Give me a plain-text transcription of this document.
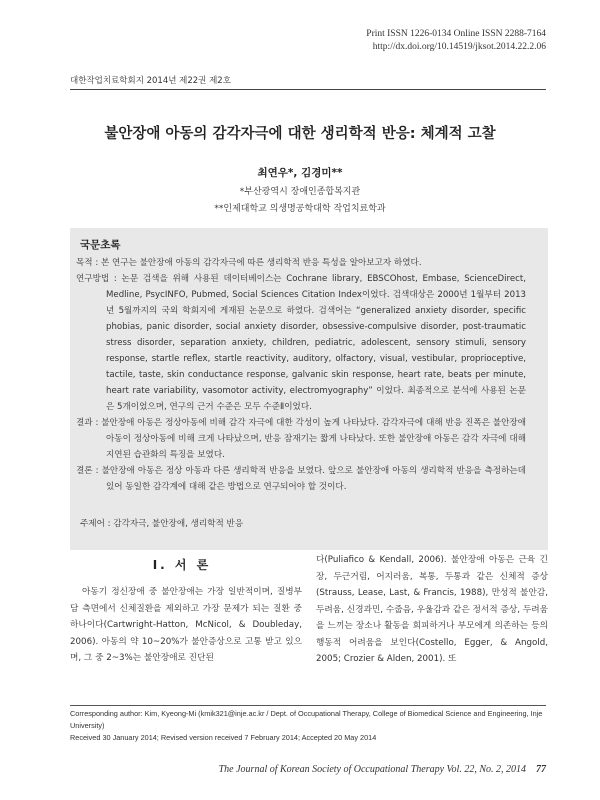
Print ISSN 1226-0134 Online ISSN 2288-7164
http://dx.doi.org/10.14519/jksot.2014.22.2.06
대한작업치료학회지 2014년 제22권 제2호
불안장애 아동의 감각자극에 대한 생리학적 반응: 체계적 고찰
최연우*, 김경미**
*부산광역시 장애인종합복지관
**인제대학교 의생명공학대학 작업치료학과
국문초록

목적 : 본 연구는 불안장애 아동의 감각자극에 따른 생리학적 반응 특성을 알아보고자 하였다.

연구방법 : 논문 검색을 위해 사용된 데이터베이스는 Cochrane library, EBSCOhost, Embase, ScienceDirect, Medline, PsycINFO, Pubmed, Social Sciences Citation Index이었다. 검색대상은 2000년 1월부터 2013년 5월까지의 국외 학회지에 게재된 논문으로 하였다. 검색어는 “generalized anxiety disorder, specific phobias, panic disorder, social anxiety disorder, obsessive-compulsive disorder, post-traumatic stress disorder, separation anxiety, children, pediatric, adolescent, sensory stimuli, sensory response, startle reflex, startle reactivity, auditory, olfactory, visual, vestibular, proprioceptive, tactile, taste, skin conductance response, galvanic skin response, heart rate, beats per minute, heart rate variability, vasomotor activity, electromyography” 이었다. 최종적으로 분석에 사용된 논문은 5개이었으며, 연구의 근거 수준은 모두 수준Ⅱ이었다.

결과 : 불안장애 아동은 정상아동에 비해 감각 자극에 대한 각성이 높게 나타났다. 감각자극에 대해 반응 진폭은 불안장애 아동이 정상아동에 비해 크게 나타났으며, 반응 잠재기는 짧게 나타났다. 또한 불안장애 아동은 감각 자극에 대해 지연된 습관화의 특징을 보였다.

결론 : 불안장애 아동은 정상 아동과 다른 생리학적 반응을 보였다. 앞으로 불안장애 아동의 생리학적 반응을 측정하는데 있어 동일한 감각계에 대해 같은 방법으로 연구되어야 할 것이다.

주제어 : 감각자극, 불안장애, 생리학적 반응
Ⅰ. 서 론
아동기 정신장애 중 불안장애는 가장 일반적이며, 질병부담 측면에서 신체질환을 제외하고 가장 문제가 되는 질환 중 하나이다(Cartwright-Hatton, McNicol, & Doubleday, 2006). 아동의 약 10~20%가 불안증상으로 고통 받고 있으며, 그 중 2~3%는 불안장애로 진단된
다(Puliafico & Kendall, 2006). 불안장애 아동은 근육 긴장, 두근거림, 어지러움, 복통, 두통과 같은 신체적 증상(Strauss, Lease, Last, & Francis, 1988), 만성적 불안감, 두려움, 신경과민, 수줍음, 우울감과 같은 정서적 증상, 두려움을 느끼는 장소나 활동을 회피하거나 부모에게 의존하는 등의 행동적 어려움을 보인다(Costello, Egger, & Angold, 2005; Crozier & Alden, 2001). 또
Corresponding author: Kim, Kyeong-Mi (kmik321@inje.ac.kr / Dept. of Occupational Therapy, College of Biomedical Science and Engineering, Inje University)
Received 30 January 2014; Revised version received 7 February 2014; Accepted 20 May 2014
The Journal of Korean Society of Occupational Therapy Vol. 22, No. 2, 2014 77
